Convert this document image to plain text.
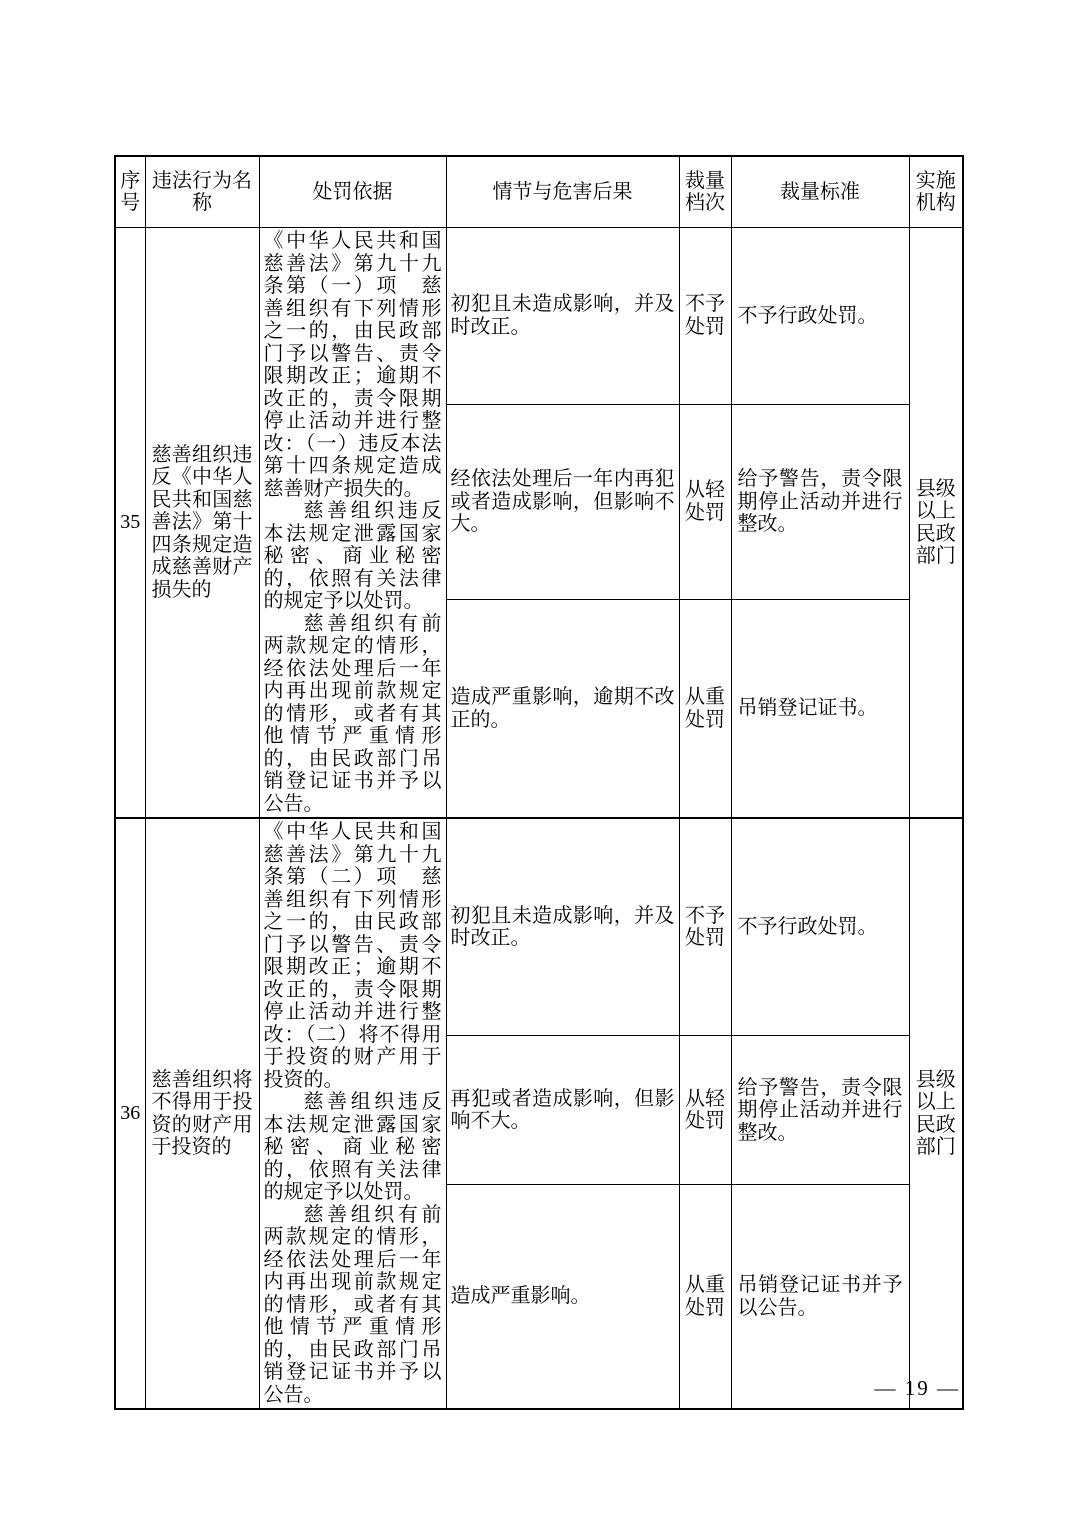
序号	违法行为名称	处罚依据	情节与危害后果	裁量档次	裁量标准	实施机构
35	慈善组织违反《中华人民共和国慈善法》第十四条规定造成慈善财产损失的	《中华人民共和国慈善法》第九十九条第（一）项　慈善组织有下列情形之一的，由民政部门予以警告、责令限期改正；逾期不改正的，责令限期停止活动并进行整改：（一）违反本法第十四条规定造成慈善财产损失的。

慈善组织违反本法规定泄露国家秘密、商业秘密的，依照有关法律的规定予以处罚。

慈善组织有前两款规定的情形，经依法处理后一年内再出现前款规定的情形，或者有其他情节严重情形的，由民政部门吊销登记证书并予以公告。	初犯且未造成影响，并及时改正。	不予处罚	不予行政处罚。	县级以上民政部门
			经依法处理后一年内再犯或者造成影响，但影响不大。	从轻处罚	给予警告，责令限期停止活动并进行整改。	
			造成严重影响，逾期不改正的。	从重处罚	吊销登记证书。	
36	慈善组织将不得用于投资的财产用于投资的	《中华人民共和国慈善法》第九十九条第（二）项　慈善组织有下列情形之一的，由民政部门予以警告、责令限期改正；逾期不改正的，责令限期停止活动并进行整改：（二）将不得用于投资的财产用于投资的。

慈善组织违反本法规定泄露国家秘密、商业秘密的，依照有关法律的规定予以处罚。

慈善组织有前两款规定的情形，经依法处理后一年内再出现前款规定的情形，或者有其他情节严重情形的，由民政部门吊销登记证书并予以公告。	初犯且未造成影响，并及时改正。	不予处罚	不予行政处罚。	县级以上民政部门
			再犯或者造成影响，但影响不大。	从轻处罚	给予警告，责令限期停止活动并进行整改。	
			造成严重影响。	从重处罚	吊销登记证书并予以公告。	
— 19 —
